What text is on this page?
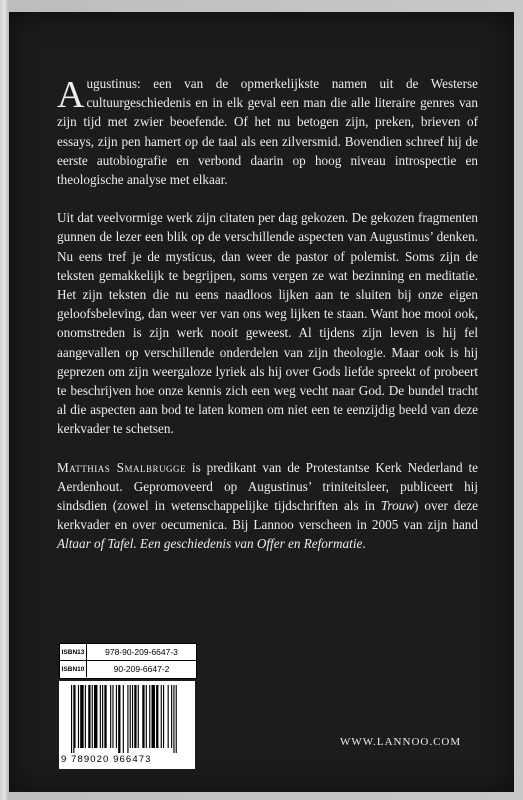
Augustinus: een van de opmerkelijkste namen uit de Westerse cultuurgeschiedenis en in elk geval een man die alle literaire genres van zijn tijd met zwier beoefende. Of het nu betogen zijn, preken, brieven of essays, zijn pen hamert op de taal als een zilversmid. Bovendien schreef hij de eerste autobiografie en verbond daarin op hoog niveau introspectie en theologische analyse met elkaar.

Uit dat veelvormige werk zijn citaten per dag gekozen. De gekozen fragmenten gunnen de lezer een blik op de verschillende aspecten van Augustinus’ denken. Nu eens tref je de mysticus, dan weer de pastor of polemist. Soms zijn de teksten gemakkelijk te begrijpen, soms vergen ze wat bezinning en meditatie. Het zijn teksten die nu eens naadloos lijken aan te sluiten bij onze eigen geloofsbeleving, dan weer ver van ons weg lijken te staan. Want hoe mooi ook, onomstreden is zijn werk nooit geweest. Al tijdens zijn leven is hij fel aangevallen op verschillende onderdelen van zijn theologie. Maar ook is hij geprezen om zijn weergaloze lyriek als hij over Gods liefde spreekt of probeert te beschrijven hoe onze kennis zich een weg vecht naar God. De bundel tracht al die aspecten aan bod te laten komen om niet een te eenzijdig beeld van deze kerkvader te schetsen.

Matthias Smalbrugge is predikant van de Protestantse Kerk Nederland te Aerdenhout. Gepromoveerd op Augustinus’ triniteitsleer, publiceert hij sindsdien (zowel in wetenschappelijke tijdschriften als in Trouw) over deze kerkvader en over oecumenica. Bij Lannoo verscheen in 2005 van zijn hand Altaar of Tafel. Een geschiedenis van Offer en Reformatie.

ISBN13	978-90-209-6647-3
ISBN10	90-209-6647-2
9 789020 966473
WWW.LANNOO.COM
